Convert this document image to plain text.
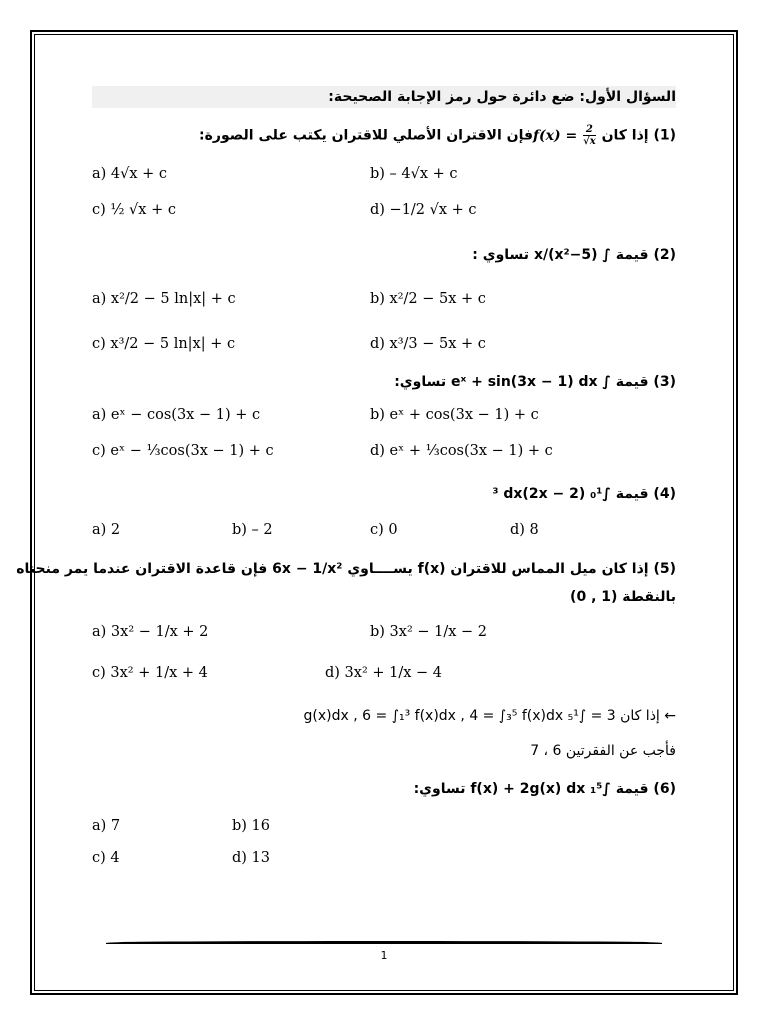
السؤال الأول: ضع دائرة حول رمز الإجابة الصحيحة:
(1) إذا كان $f(x) = \frac{2}{√x}$
فإن الاقتران الأصلي للاقتران يكتب على الصورة:
a) 4√x + c	b) – 4√x + c
c) ½ √x + c	d) −1/2 √x + c
(2) قيمة ∫ (x²−5)/x تساوي :
a) x²/2 − 5 ln|x| + c	b) x²/2 − 5x + c
c) x³/2 − 5 ln|x| + c	d) x³/3 − 5x + c
(3) قيمة ∫ eˣ + sin(3x − 1) dx تساوي:
a) eˣ − cos(3x − 1) + c	b) eˣ + cos(3x − 1) + c
c) eˣ − ⅓cos(3x − 1) + c	d) eˣ + ⅓cos(3x − 1) + c
(4) قيمة ∫₀¹ (2 − 2x)³ dx
a) 2	b) – 2	c) 0	d) 8
(5) إذا كان ميل المماس للاقتران f(x) يســــاوي 6x − 1/x² فإن قاعدة الاقتران عندما يمر منحناه
بالنقطة (1 , 0)
a) 3x² − 1/x + 2	b) 3x² − 1/x − 2
c) 3x² + 1/x + 4	d) 3x² + 1/x − 4
← إذا كان 3 = ∫₅¹ g(x)dx , 6 = ∫₁³ f(x)dx , 4 = ∫₃⁵ f(x)dx
فأجب عن الفقرتين 6 ، 7
(6) قيمة ∫₁⁵ f(x) + 2g(x) dx تساوي:
a) 7	b) 16
c) 4	d) 13
1
